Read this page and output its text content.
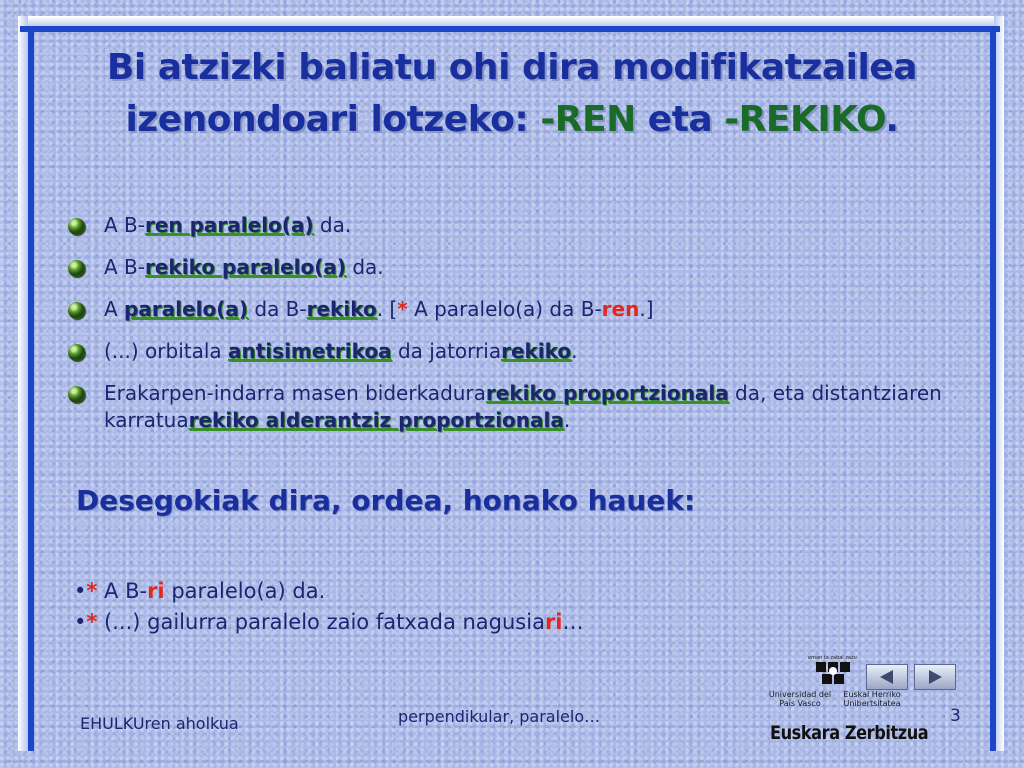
Bi atzizki baliatu ohi dira modifikatzailea izenondoari lotzeko: -REN eta -REKIKO.
A B-ren paralelo(a) da.
A B-rekiko paralelo(a) da.
A paralelo(a) da B-rekiko. [* A paralelo(a) da B-ren.]
(...) orbitala antisimetrikoa da jatorriarekiko.
Erakarpen-indarra masen biderkadurarekiko proportzionala da, eta distantziaren karratuarekiko alderantziz proportzionala.
Desegokiak dira, ordea, honako hauek:
•* A B-ri paralelo(a) da.
•* (...) gailurra paralelo zaio fatxada nagusiari…
eman ta zabal zazu
Universidad del País Vasco
Euskal Herriko Unibertsitatea
Euskara Zerbitzua
EHULKUren aholkua	perpendikular, paralelo…	3
